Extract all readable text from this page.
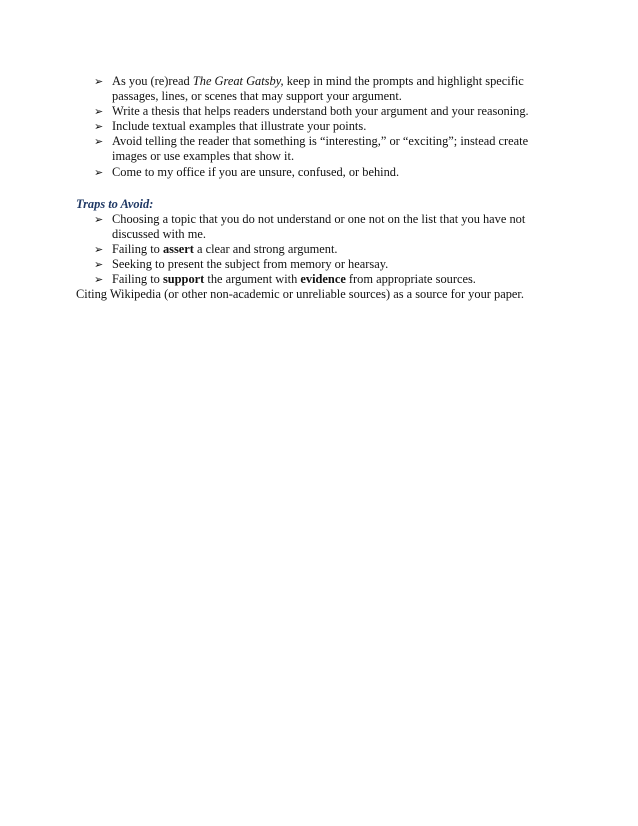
➢ As you (re)read The Great Gatsby, keep in mind the prompts and highlight specific passages, lines, or scenes that may support your argument.
➢ Write a thesis that helps readers understand both your argument and your reasoning.
➢ Include textual examples that illustrate your points.
➢ Avoid telling the reader that something is “interesting,” or “exciting”; instead create images or use examples that show it.
➢ Come to my office if you are unsure, confused, or behind.
Traps to Avoid:
➢ Choosing a topic that you do not understand or one not on the list that you have not discussed with me.
➢ Failing to assert a clear and strong argument.
➢ Seeking to present the subject from memory or hearsay.
➢ Failing to support the argument with evidence from appropriate sources.
Citing Wikipedia (or other non-academic or unreliable sources) as a source for your paper.
